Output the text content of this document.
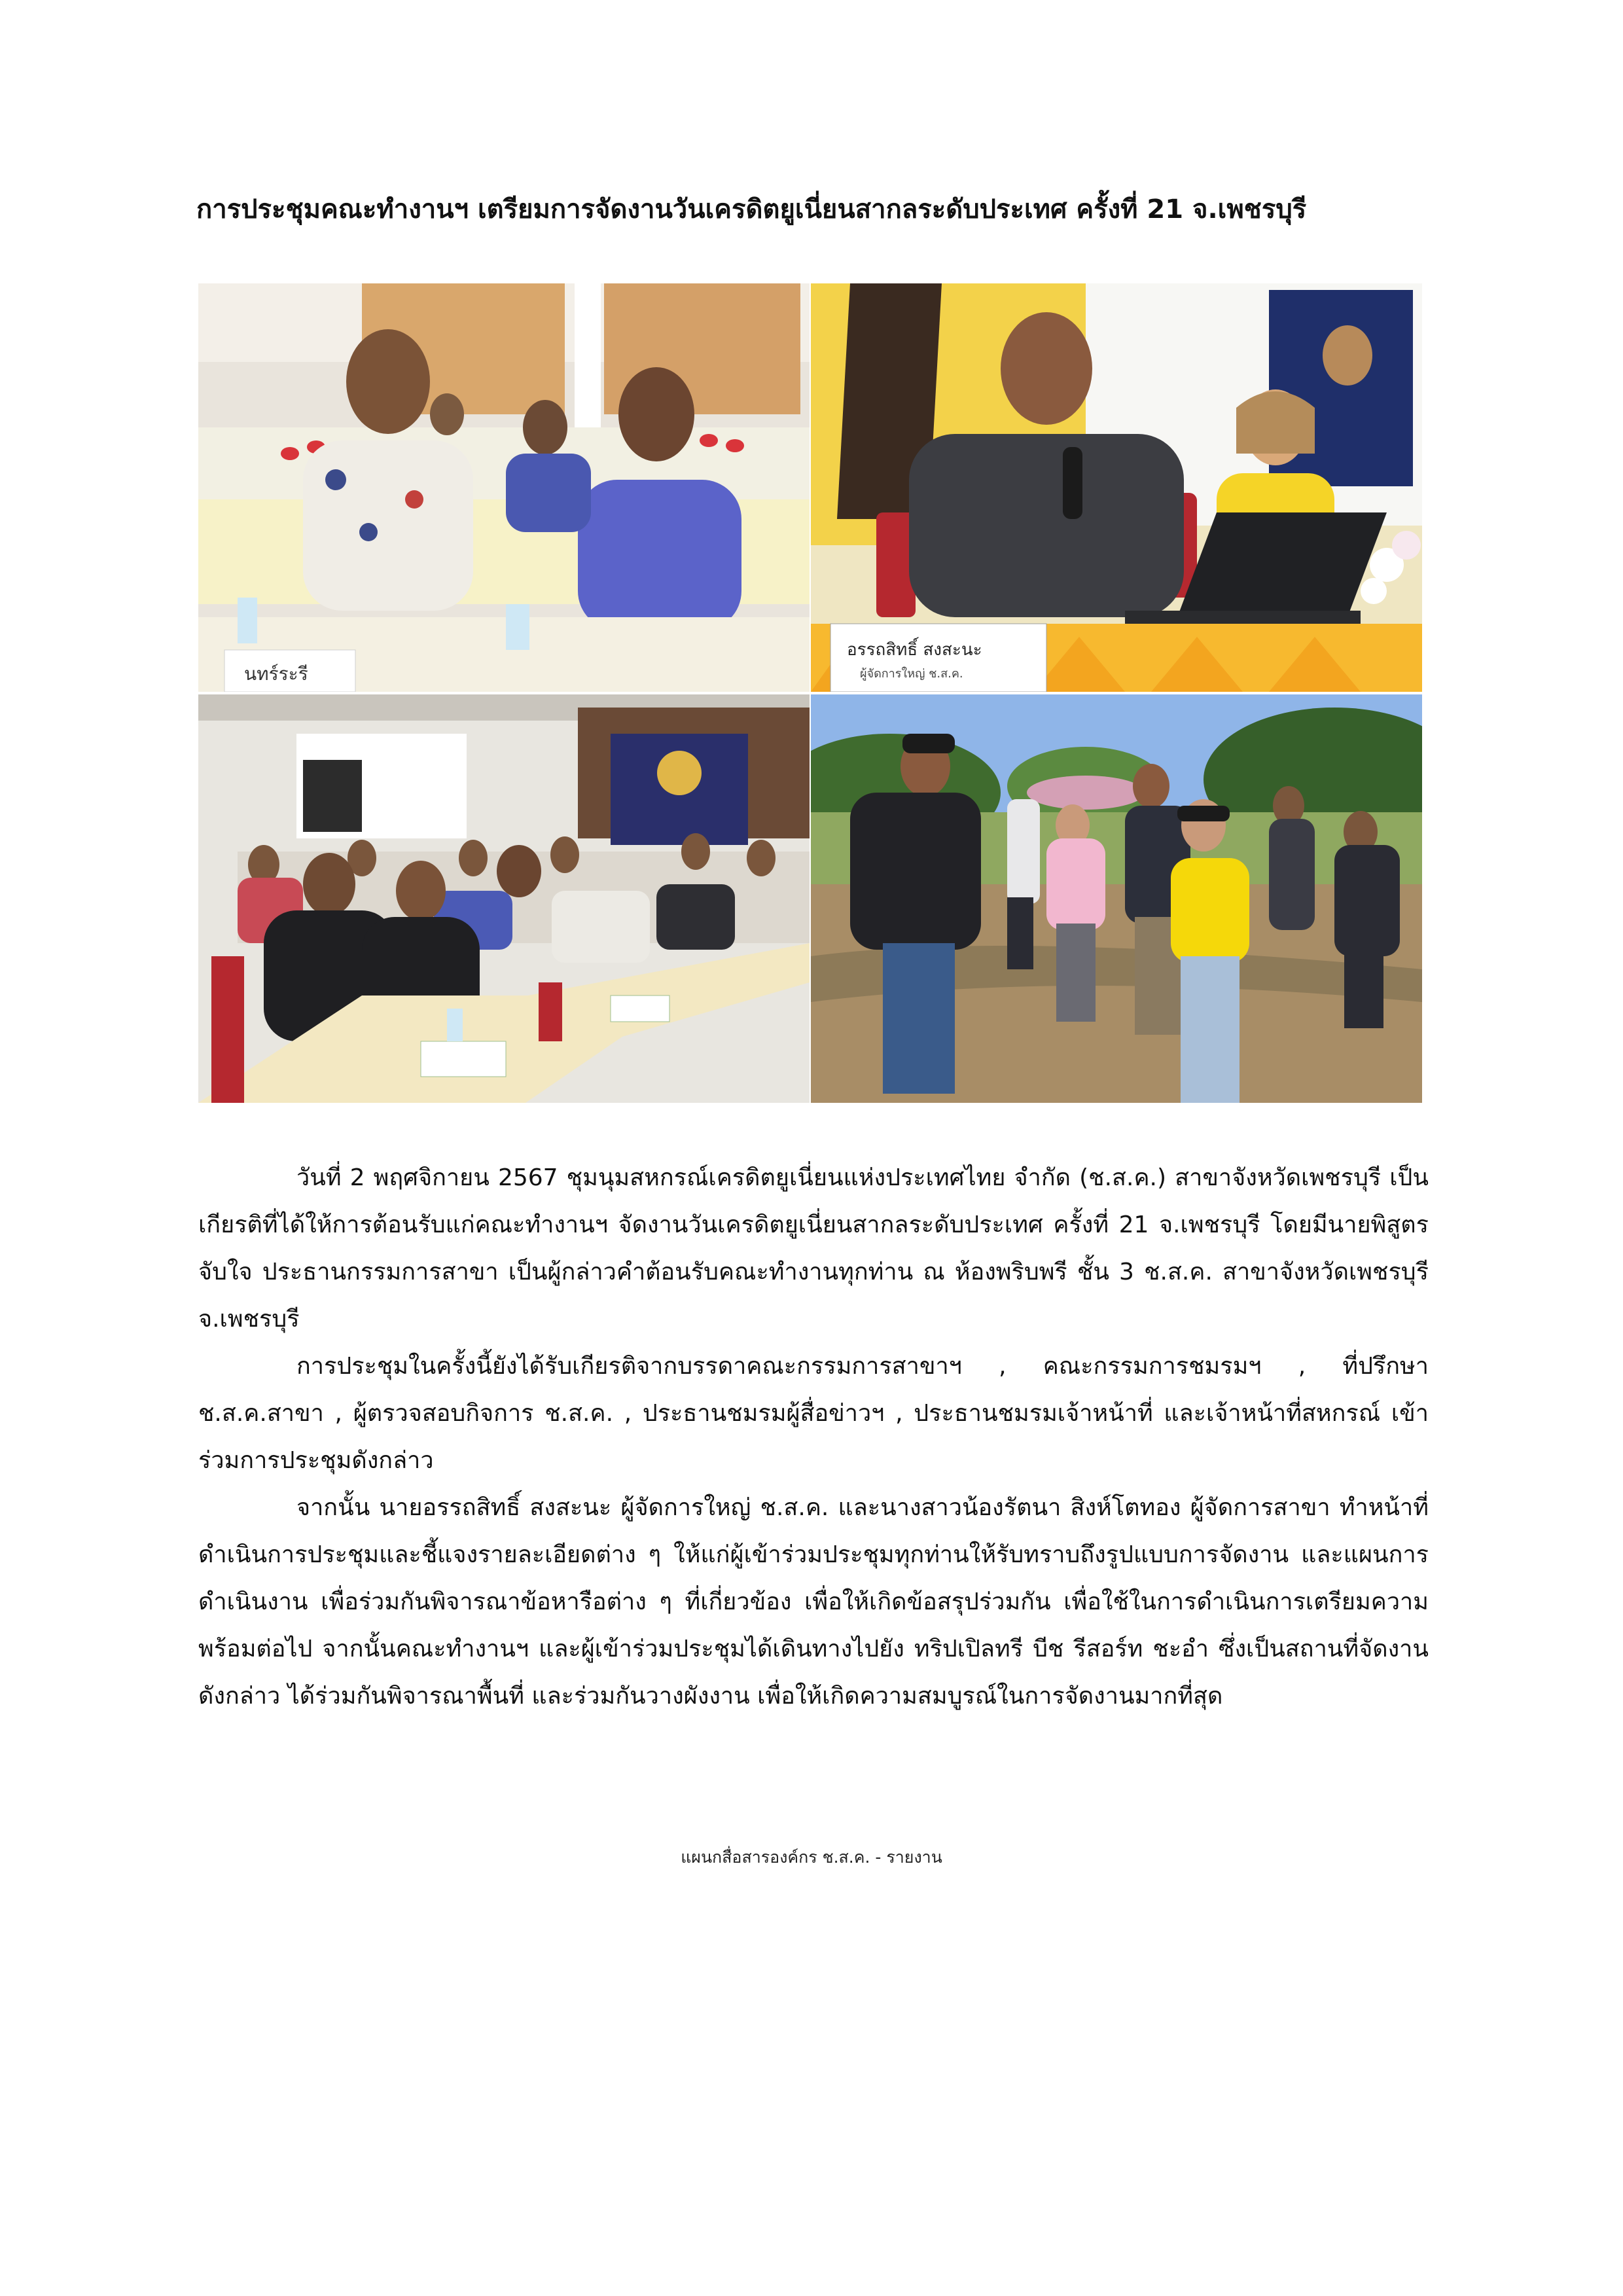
การประชุมคณะทำงานฯ เตรียมการจัดงานวันเครดิตยูเนี่ยนสากลระดับประเทศ ครั้งที่ 21 จ.เพชรบุรี
นทร์ระรี
อรรถสิทธิ์ สงสะนะ
ผู้จัดการใหญ่ ช.ส.ค.

วันที่ 2 พฤศจิกายน 2567 ชุมนุมสหกรณ์เครดิตยูเนี่ยนแห่งประเทศไทย จำกัด (ช.ส.ค.) สาขาจังหวัดเพชรบุรี เป็นเกียรติที่ได้ให้การต้อนรับแก่คณะทำงานฯ จัดงานวันเครดิตยูเนี่ยนสากลระดับประเทศ ครั้งที่ 21 จ.เพชรบุรี โดยมีนายพิสูตร จับใจ ประธานกรรมการสาขา เป็นผู้กล่าวคำต้อนรับคณะทำงานทุกท่าน ณ ห้องพริบพรี ชั้น 3 ช.ส.ค. สาขาจังหวัดเพชรบุรี จ.เพชรบุรี

การประชุมในครั้งนี้ยังได้รับเกียรติจากบรรดาคณะกรรมการสาขาฯ , คณะกรรมการชมรมฯ , ที่ปรึกษา ช.ส.ค.สาขา , ผู้ตรวจสอบกิจการ ช.ส.ค. , ประธานชมรมผู้สื่อข่าวฯ , ประธานชมรมเจ้าหน้าที่ และเจ้าหน้าที่สหกรณ์ เข้าร่วมการประชุมดังกล่าว

จากนั้น นายอรรถสิทธิ์ สงสะนะ ผู้จัดการใหญ่ ช.ส.ค. และนางสาวน้องรัตนา สิงห์โตทอง ผู้จัดการสาขา ทำหน้าที่ดำเนินการประชุมและชี้แจงรายละเอียดต่าง ๆ ให้แก่ผู้เข้าร่วมประชุมทุกท่านให้รับทราบถึงรูปแบบการจัดงาน และแผนการดำเนินงาน เพื่อร่วมกันพิจารณาข้อหารือต่าง ๆ ที่เกี่ยวข้อง เพื่อให้เกิดข้อสรุปร่วมกัน เพื่อใช้ในการดำเนินการเตรียมความพร้อมต่อไป จากนั้นคณะทำงานฯ และผู้เข้าร่วมประชุมได้เดินทางไปยัง ทริปเปิลทรี บีช รีสอร์ท ชะอำ ซึ่งเป็นสถานที่จัดงานดังกล่าว ได้ร่วมกันพิจารณาพื้นที่ และร่วมกันวางผังงาน เพื่อให้เกิดความสมบูรณ์ในการจัดงานมากที่สุด

แผนกสื่อสารองค์กร ช.ส.ค. - รายงาน
